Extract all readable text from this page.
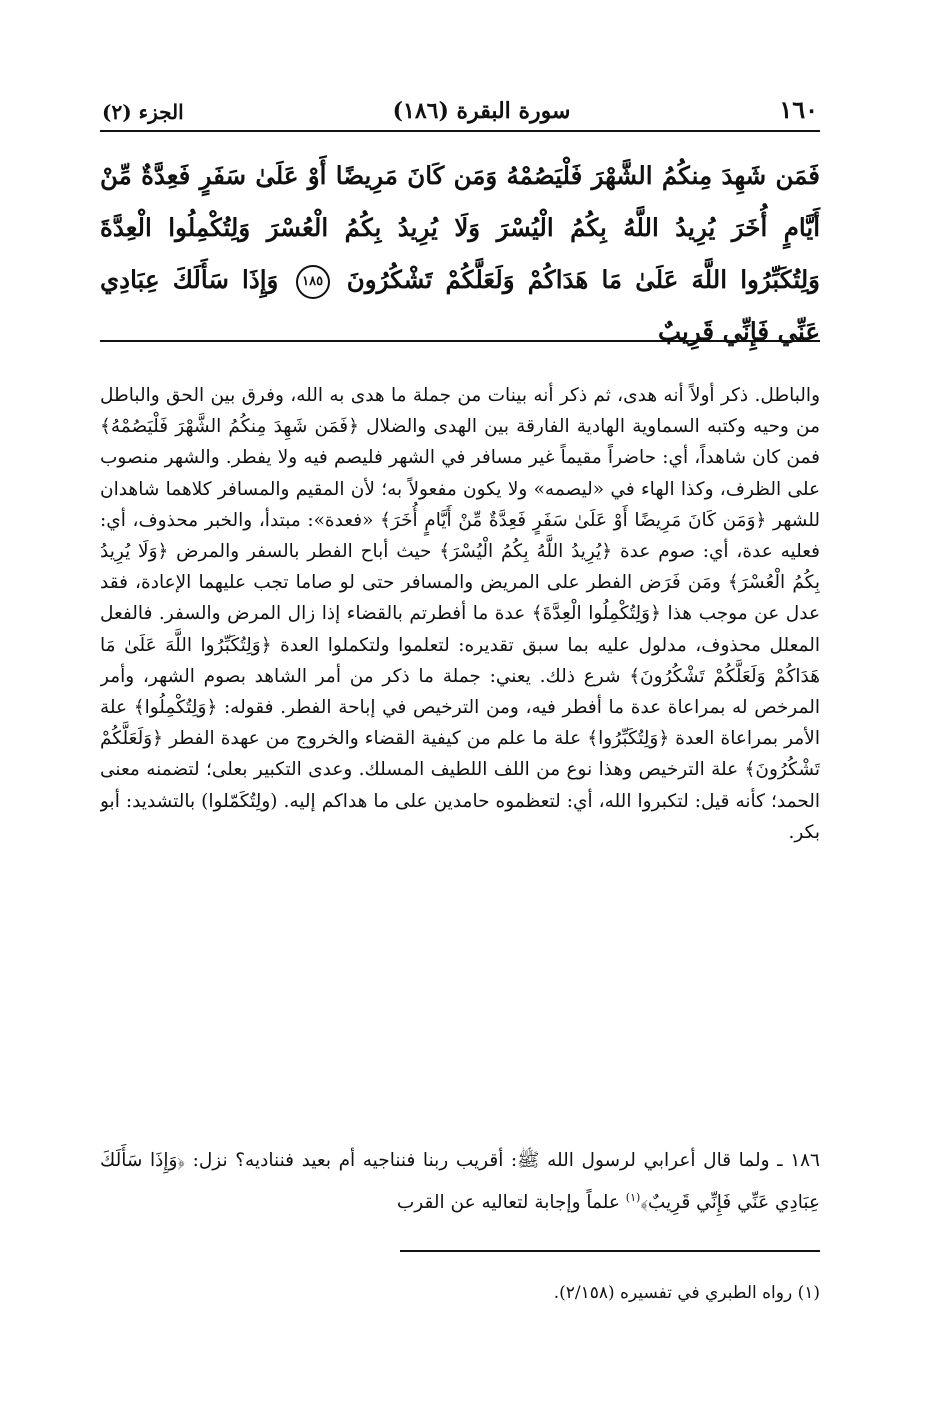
١٦٠
سورة البقرة (١٨٦)
الجزء (٢)
فَمَن شَهِدَ مِنكُمُ الشَّهْرَ فَلْيَصُمْهُ وَمَن كَانَ مَرِيضًا أَوْ عَلَىٰ سَفَرٍ فَعِدَّةٌ مِّنْ أَيَّامٍ أُخَرَ يُرِيدُ اللَّهُ بِكُمُ الْيُسْرَ وَلَا يُرِيدُ بِكُمُ الْعُسْرَ وَلِتُكْمِلُوا الْعِدَّةَ وَلِتُكَبِّرُوا اللَّهَ عَلَىٰ مَا هَدَاكُمْ وَلَعَلَّكُمْ تَشْكُرُونَ
١٨٥
وَإِذَا سَأَلَكَ عِبَادِي عَنِّي فَإِنِّي قَرِيبٌ
والباطل. ذكر أولاً أنه هدى، ثم ذكر أنه بينات من جملة ما هدى به الله، وفرق بين الحق والباطل من وحيه وكتبه السماوية الهادية الفارقة بين الهدى والضلال ﴿فَمَن شَهِدَ مِنكُمُ الشَّهْرَ فَلْيَصُمْهُ﴾ فمن كان شاهداً، أي: حاضراً مقيماً غير مسافر في الشهر فليصم فيه ولا يفطر. والشهر منصوب على الظرف، وكذا الهاء في «ليصمه» ولا يكون مفعولاً به؛ لأن المقيم والمسافر كلاهما شاهدان للشهر ﴿وَمَن كَانَ مَرِيضًا أَوْ عَلَىٰ سَفَرٍ فَعِدَّةٌ مِّنْ أَيَّامٍ أُخَرَ﴾ «فعدة»: مبتدأ، والخبر محذوف، أي: فعليه عدة، أي: صوم عدة ﴿يُرِيدُ اللَّهُ بِكُمُ الْيُسْرَ﴾ حيث أباح الفطر بالسفر والمرض ﴿وَلَا يُرِيدُ بِكُمُ الْعُسْرَ﴾ ومَن فَرَض الفطر على المريض والمسافر حتى لو صاما تجب عليهما الإعادة، فقد عدل عن موجب هذا ﴿وَلِتُكْمِلُوا الْعِدَّةَ﴾ عدة ما أفطرتم بالقضاء إذا زال المرض والسفر. فالفعل المعلل محذوف، مدلول عليه بما سبق تقديره: لتعلموا ولتكملوا العدة ﴿وَلِتُكَبِّرُوا اللَّهَ عَلَىٰ مَا هَدَاكُمْ وَلَعَلَّكُمْ تَشْكُرُونَ﴾ شرع ذلك. يعني: جملة ما ذكر من أمر الشاهد بصوم الشهر، وأمر المرخص له بمراعاة عدة ما أفطر فيه، ومن الترخيص في إباحة الفطر. فقوله: ﴿وَلِتُكْمِلُوا﴾ علة الأمر بمراعاة العدة ﴿وَلِتُكَبِّرُوا﴾ علة ما علم من كيفية القضاء والخروج من عهدة الفطر ﴿وَلَعَلَّكُمْ تَشْكُرُونَ﴾ علة الترخيص وهذا نوع من اللف اللطيف المسلك. وعدى التكبير بعلى؛ لتضمنه معنى الحمد؛ كأنه قيل: لتكبروا الله، أي: لتعظموه حامدين على ما هداكم إليه. (ولِتُكَمّلوا) بالتشديد: أبو بكر.
١٨٦ ـ ولما قال أعرابي لرسول الله ﷺ: أقريب ربنا فنناجيه أم بعيد فنناديه؟ نزل: ﴿وَإِذَا سَأَلَكَ عِبَادِي عَنِّي فَإِنِّي قَرِيبٌ﴾$^{(١)}$ علماً وإجابة لتعاليه عن القرب
(١) رواه الطبري في تفسيره (٢/١٥٨).
